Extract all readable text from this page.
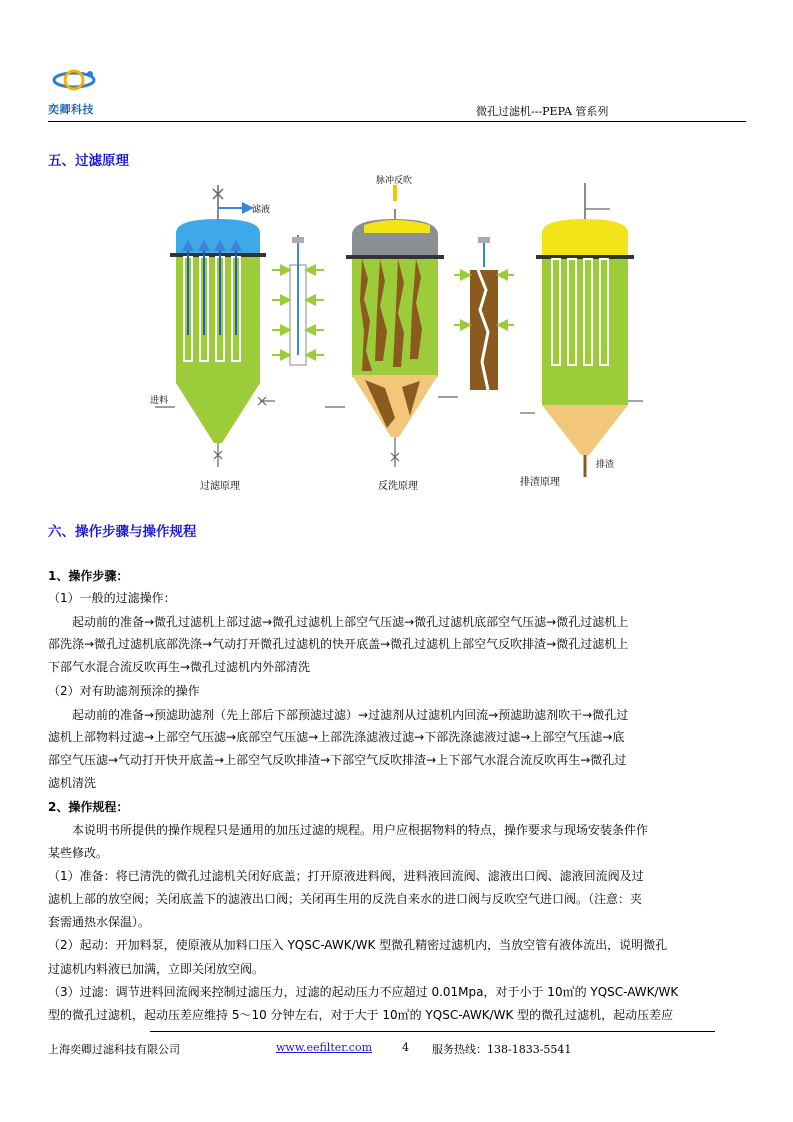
奕卿科技	微孔过滤机---PEPA 管系列
五、过滤原理
滤液
脉冲反吹
进料
排渣
过滤原理	反洗原理	排渣原理
六、操作步骤与操作规程
1、操作步骤：
（1）一般的过滤操作：
　　起动前的准备→微孔过滤机上部过滤→微孔过滤机上部空气压滤→微孔过滤机底部空气压滤→微孔过滤机上
部洗涤→微孔过滤机底部洗涤→气动打开微孔过滤机的快开底盖→微孔过滤机上部空气反吹排渣→微孔过滤机上
下部气水混合流反吹再生→微孔过滤机内外部清洗
（2）对有助滤剂预涂的操作
　　起动前的准备→预滤助滤剂（先上部后下部预滤过滤）→过滤剂从过滤机内回流→预滤助滤剂吹干→微孔过
滤机上部物料过滤→上部空气压滤→底部空气压滤→上部洗涤滤液过滤→下部洗涤滤液过滤→上部空气压滤→底
部空气压滤→气动打开快开底盖→上部空气反吹排渣→下部空气反吹排渣→上下部气水混合流反吹再生→微孔过
滤机清洗
2、操作规程：
　　本说明书所提供的操作规程只是通用的加压过滤的规程。用户应根据物料的特点，操作要求与现场安装条件作
某些修改。
（1）准备：将已清洗的微孔过滤机关闭好底盖；打开原液进料阀，进料液回流阀、滤液出口阀、滤液回流阀及过
滤机上部的放空阀；关闭底盖下的滤液出口阀；关闭再生用的反洗自来水的进口阀与反吹空气进口阀。（注意：夹
套需通热水保温）。
（2）起动：开加料泵，使原液从加料口压入 YQSC-AWK/WK 型微孔精密过滤机内，当放空管有液体流出，说明微孔
过滤机内料液已加满，立即关闭放空阀。
（3）过滤：调节进料回流阀来控制过滤压力，过滤的起动压力不应超过 0.01Mpa，对于小于 10㎡的 YQSC-AWK/WK
型的微孔过滤机，起动压差应维持 5～10 分钟左右，对于大于 10㎡的 YQSC-AWK/WK 型的微孔过滤机，起动压差应
上海奕卿过滤科技有限公司	www.eefilter.com	4 服务热线：138-1833-5541
